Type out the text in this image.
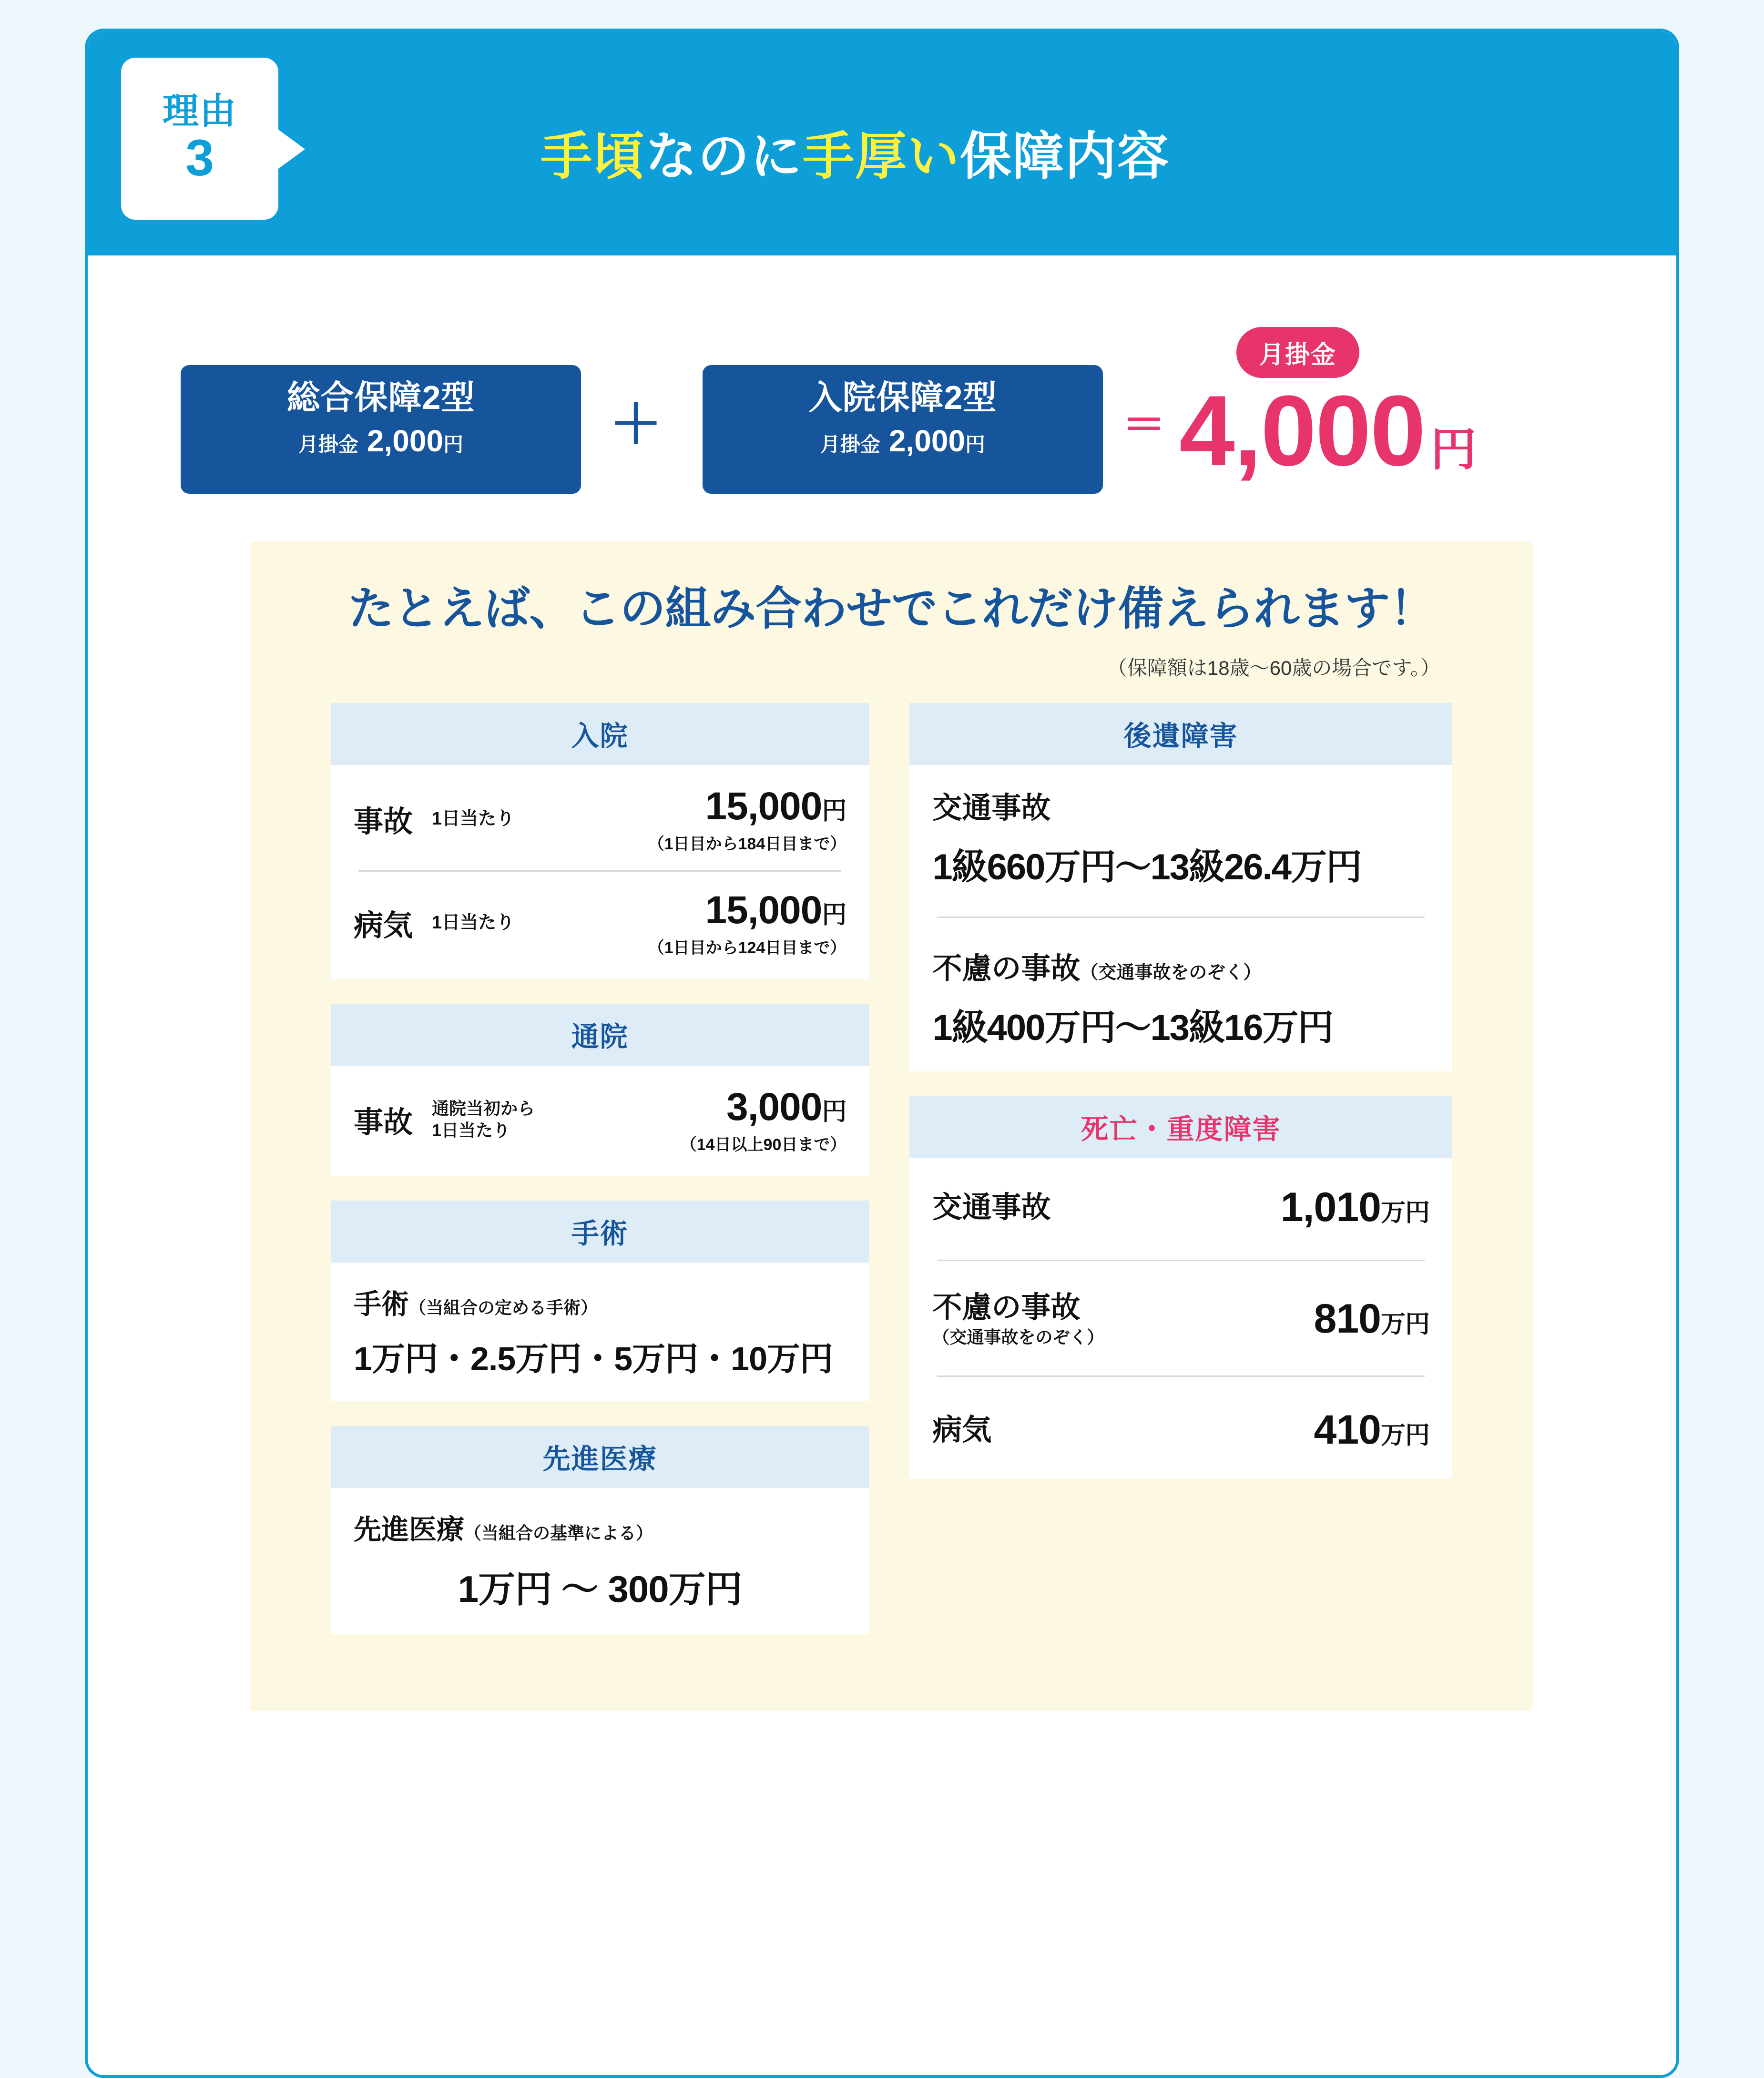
理由
3	手頃なのに手厚い保障内容
総合保障2型
月掛金 2,000円	＋	入院保障2型
月掛金 2,000円	＝
月掛金
4,000 円
たとえば、この組み合わせでこれだけ備えられます！
（保障額は18歳〜60歳の場合です。）
入院
事故 1日当たり	15,000円
（1日目から184日目まで）
病気 1日当たり	15,000円
（1日目から124日目まで）
通院
事故 通院当初から
1日当たり
3,000円
（14日以上90日まで）
手術
手術（当組合の定める手術）
1万円・2.5万円・5万円・10万円
先進医療
先進医療（当組合の基準による）
1万円 〜 300万円
後遺障害
交通事故
1級660万円〜13級26.4万円
不慮の事故（交通事故をのぞく）
1級400万円〜13級16万円
死亡・重度障害
交通事故	1,010万円
不慮の事故
（交通事故をのぞく）	810万円
病気	410万円
